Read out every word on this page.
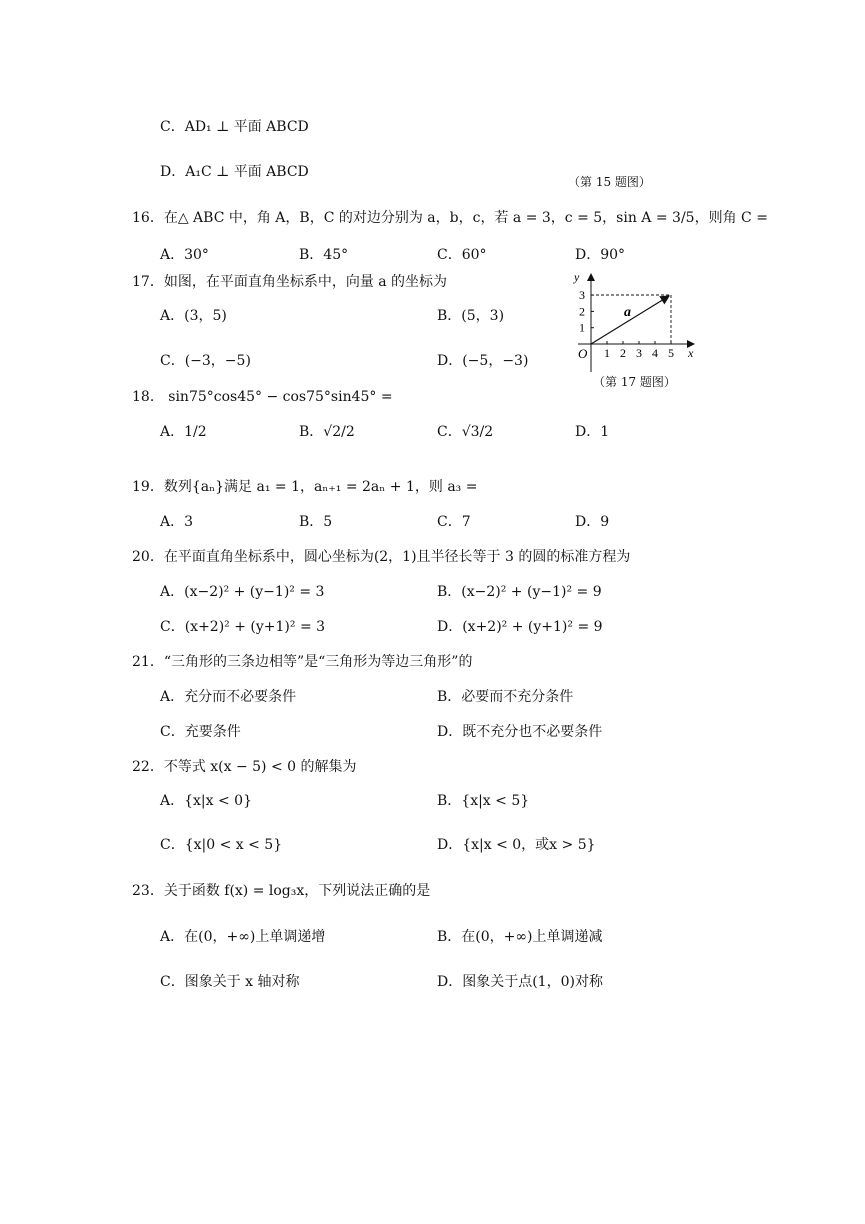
C．AD₁ ⊥ 平面 ABCD
D．A₁C ⊥ 平面 ABCD
（第 15 题图）
16．在△ ABC 中，角 A，B，C 的对边分别为 a，b，c，若 a = 3，c = 5，sin A = 3/5，则角 C =
A．30°	B．45°	C．60°	D．90°
17．如图，在平面直角坐标系中，向量 a 的坐标为
A．(3，5)	B．(5，3)
C．(−3，−5)	D．(−5，−3)	1 2 3 4 5
1
2
3
a
O	x
y
（第 17 题图）
18． sin75°cos45° − cos75°sin45° =
A．1/2	B．√2/2	C．√3/2	D．1
19．数列{aₙ}满足 a₁ = 1，aₙ₊₁ = 2aₙ + 1，则 a₃ =
A．3	B．5	C．7	D．9
20．在平面直角坐标系中，圆心坐标为(2，1)且半径长等于 3 的圆的标准方程为
A．(x−2)² + (y−1)² = 3	B．(x−2)² + (y−1)² = 9
C．(x+2)² + (y+1)² = 3	D．(x+2)² + (y+1)² = 9
21．“三角形的三条边相等”是“三角形为等边三角形”的
A．充分而不必要条件	B．必要而不充分条件
C．充要条件	D．既不充分也不必要条件
22．不等式 x(x − 5) < 0 的解集为
A．{x|x < 0}	B．{x|x < 5}
C．{x|0 < x < 5}	D．{x|x < 0，或x > 5}
23．关于函数 f(x) = log₃x，下列说法正确的是
A．在(0，+∞)上单调递增	B．在(0，+∞)上单调递减
C．图象关于 x 轴对称	D．图象关于点(1，0)对称
